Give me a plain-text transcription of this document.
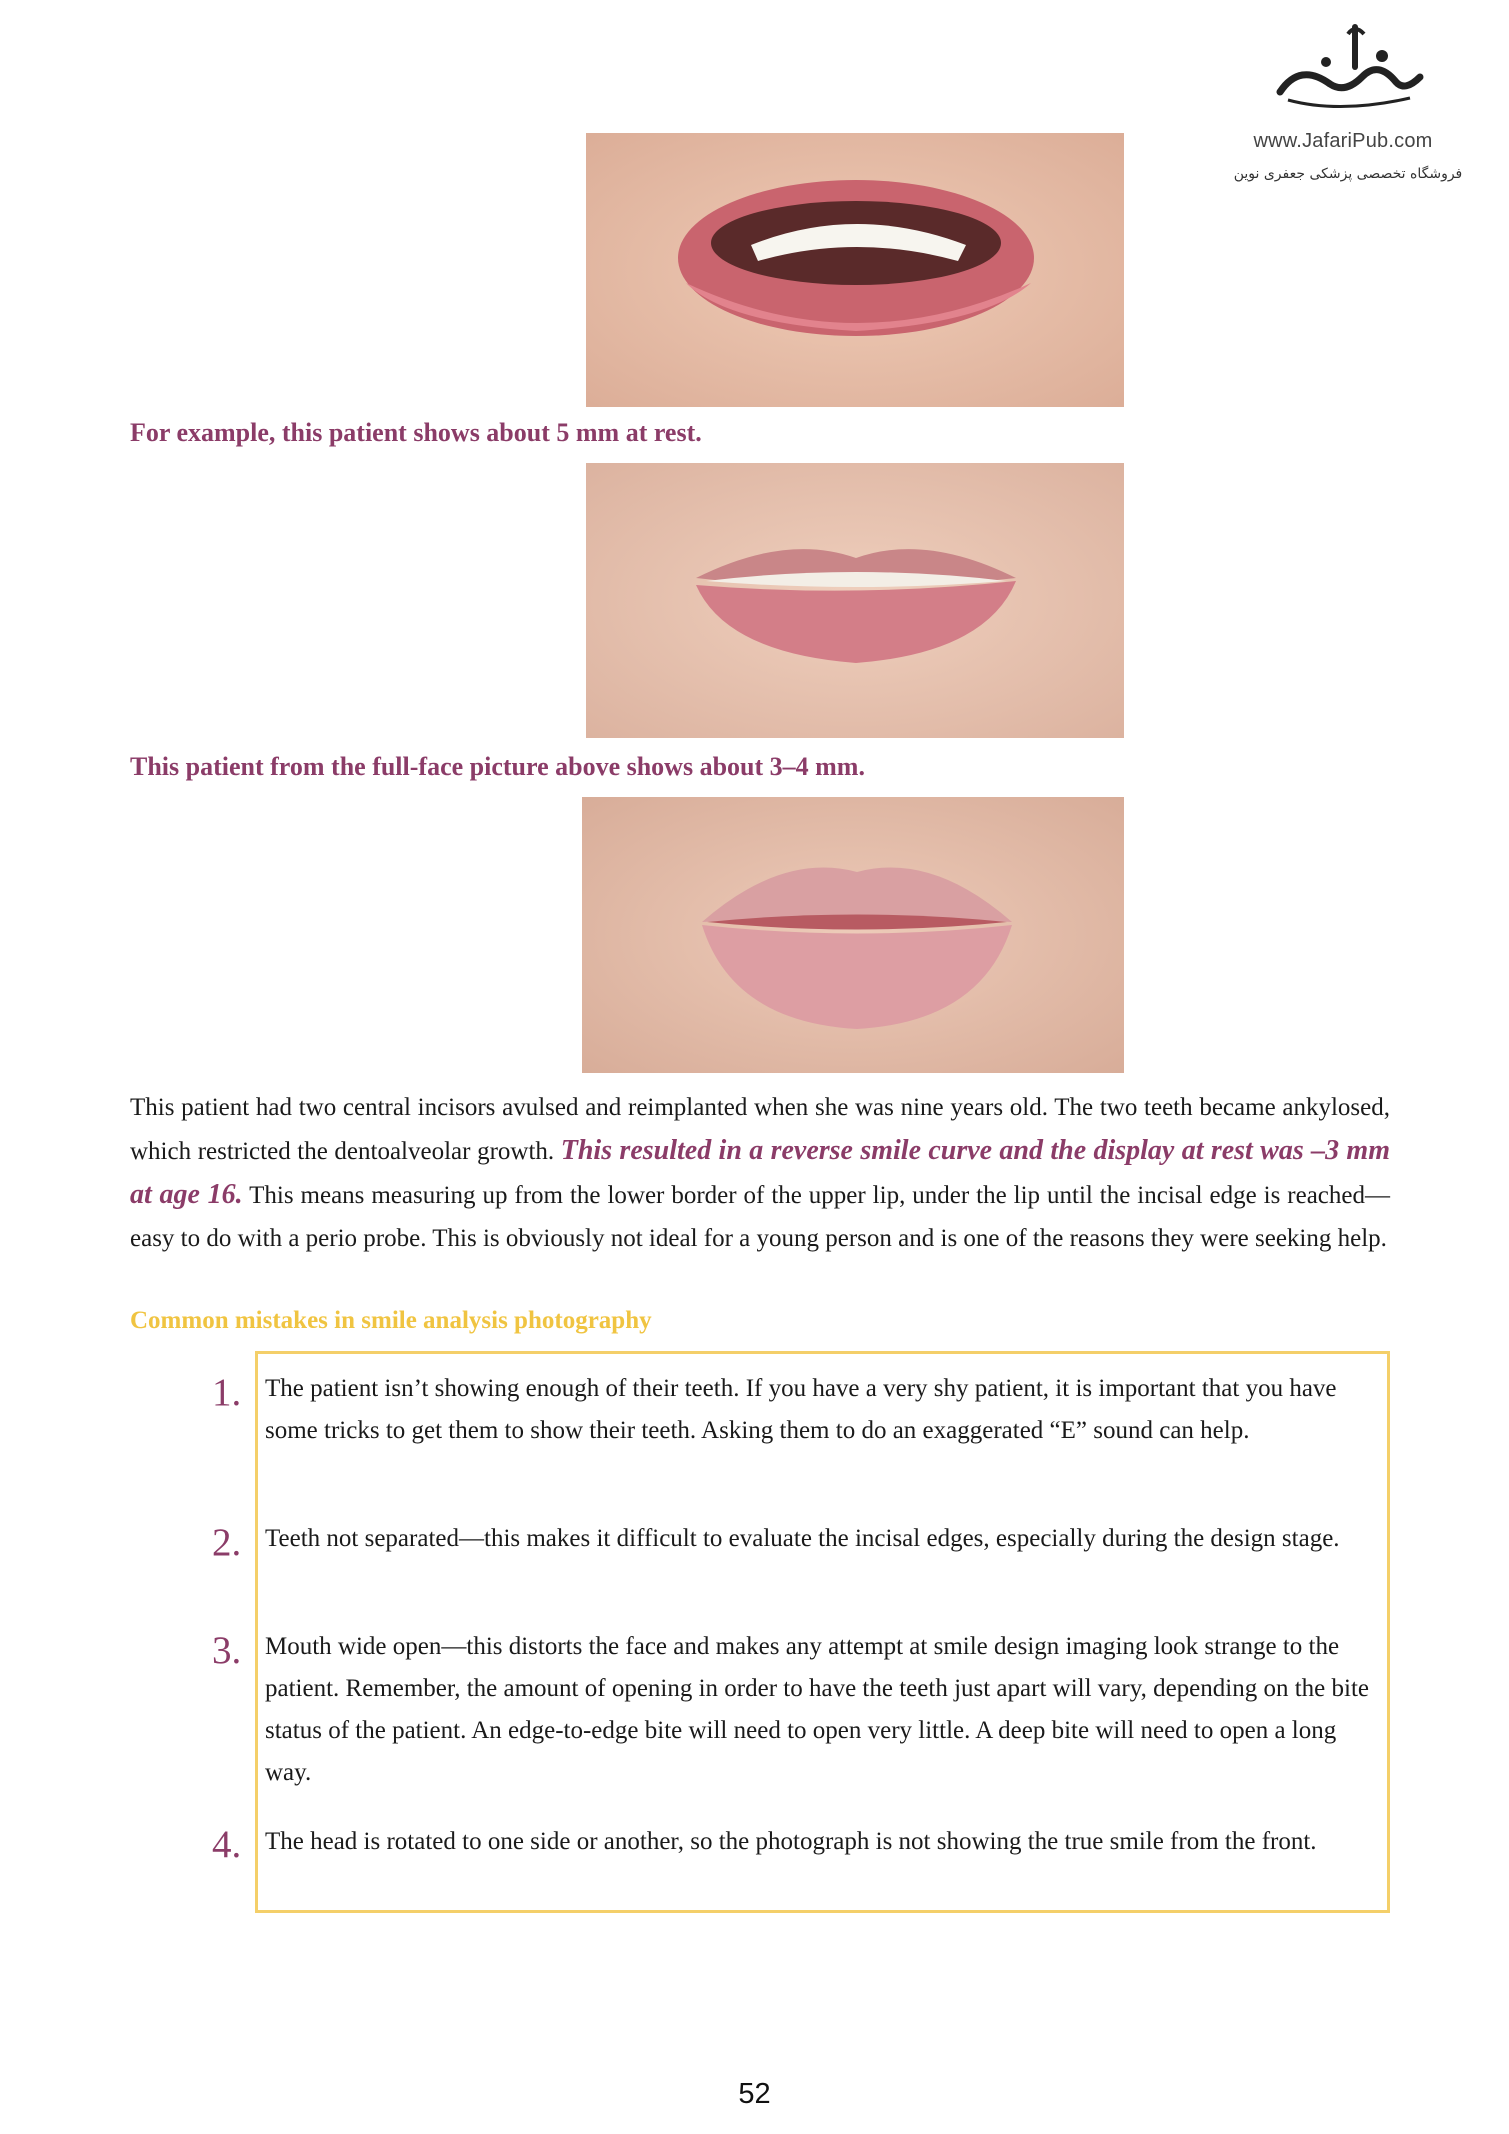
www.JafariPub.com
فروشگاه تخصصی پزشکی جعفری نوین
For example, this patient shows about 5 mm at rest.
This patient from the full-face picture above shows about 3–4 mm.
This patient had two central incisors avulsed and reimplanted when she was nine years old. The two teeth became ankylosed, which restricted the dentoalveolar growth. This resulted in a reverse smile curve and the display at rest was –3 mm at age 16. This means measuring up from the lower border of the upper lip, under the lip until the incisal edge is reached—easy to do with a perio probe. This is obviously not ideal for a young person and is one of the reasons they were seeking help.
Common mistakes in smile analysis photography
1. The patient isn’t showing enough of their teeth. If you have a very shy patient, it is important that you have some tricks to get them to show their teeth. Asking them to do an exaggerated “E” sound can help.
2. Teeth not separated—this makes it difficult to evaluate the incisal edges, especially during the design stage.
3. Mouth wide open—this distorts the face and makes any attempt at smile design imaging look strange to the patient. Remember, the amount of opening in order to have the teeth just apart will vary, depending on the bite status of the patient. An edge-to-edge bite will need to open very little. A deep bite will need to open a long way.
4. The head is rotated to one side or another, so the photograph is not showing the true smile from the front.
52
